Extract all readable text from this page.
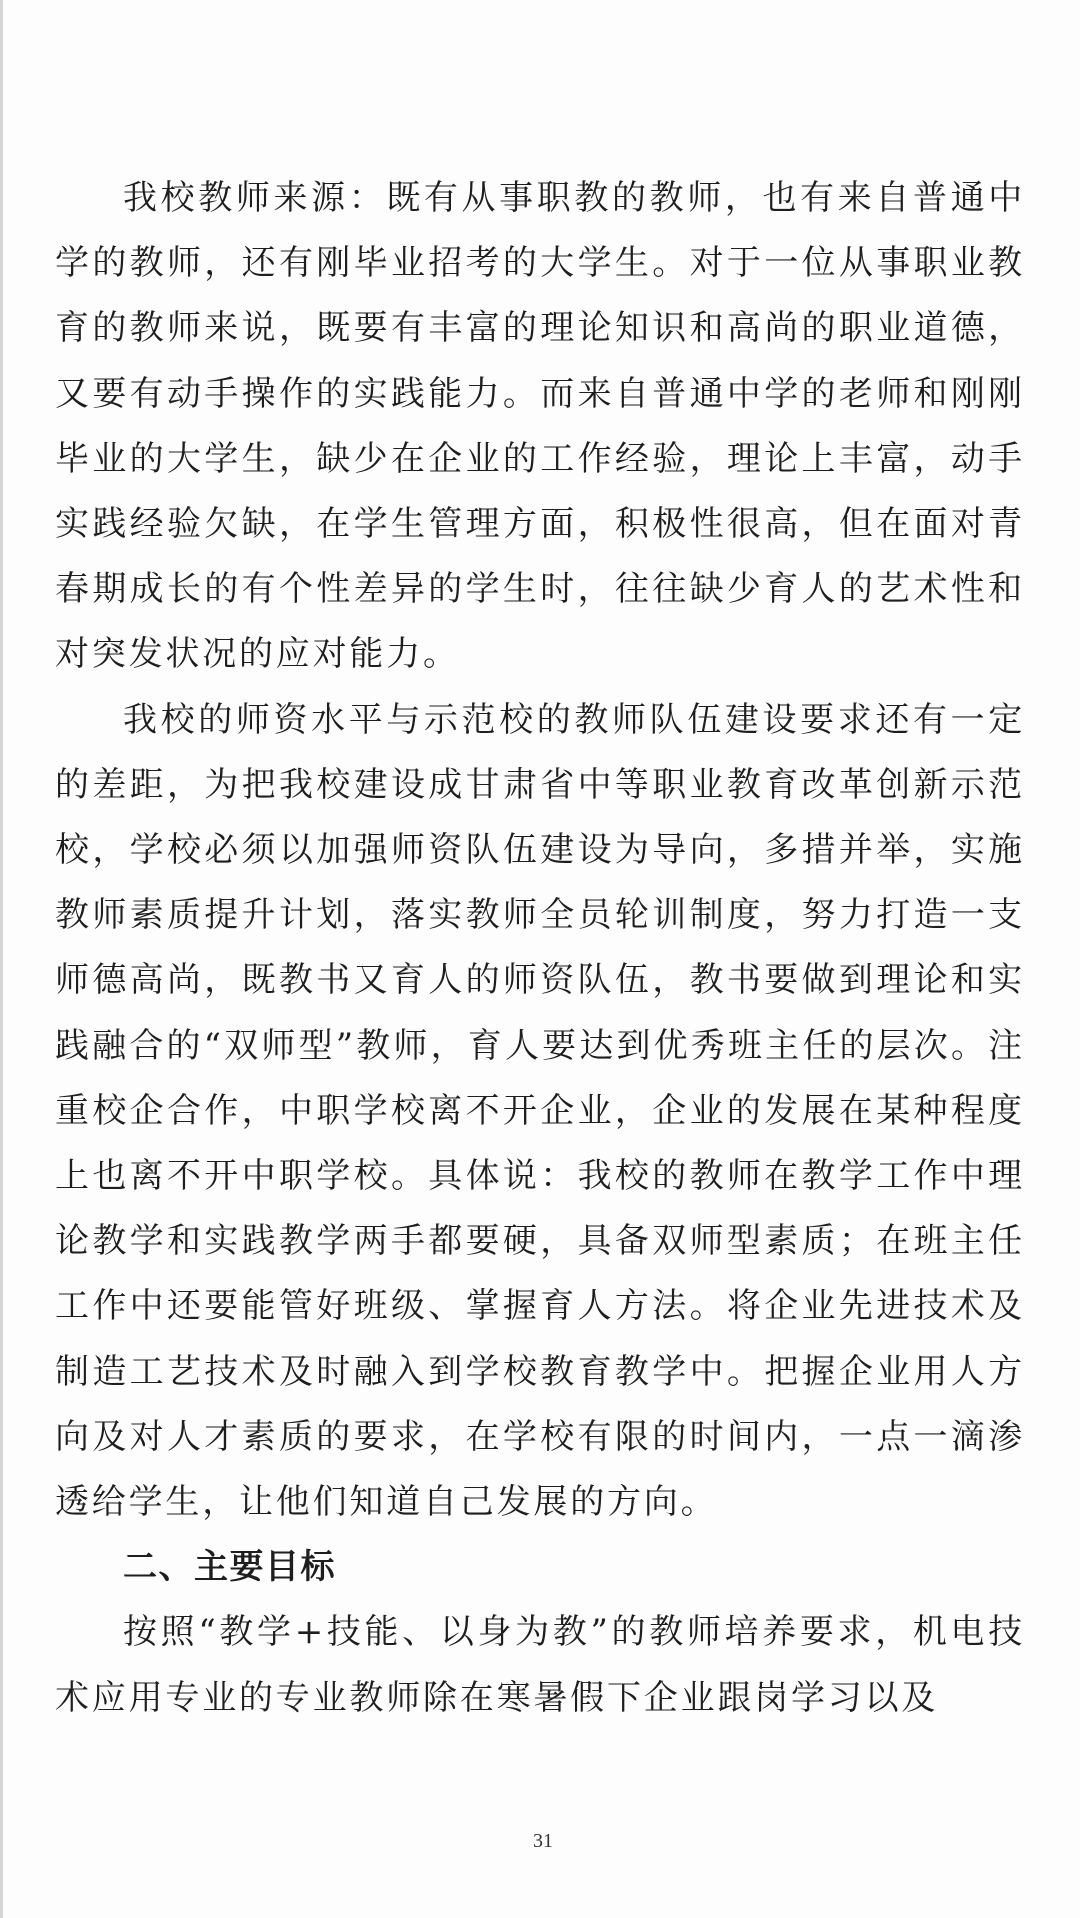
我校教师来源：既有从事职教的教师，也有来自普通中学的教师，还有刚毕业招考的大学生。对于一位从事职业教育的教师来说，既要有丰富的理论知识和高尚的职业道德，又要有动手操作的实践能力。而来自普通中学的老师和刚刚毕业的大学生，缺少在企业的工作经验，理论上丰富，动手实践经验欠缺，在学生管理方面，积极性很高，但在面对青春期成长的有个性差异的学生时，往往缺少育人的艺术性和对突发状况的应对能力。

我校的师资水平与示范校的教师队伍建设要求还有一定的差距，为把我校建设成甘肃省中等职业教育改革创新示范校，学校必须以加强师资队伍建设为导向，多措并举，实施教师素质提升计划，落实教师全员轮训制度，努力打造一支师德高尚，既教书又育人的师资队伍，教书要做到理论和实践融合的“双师型”教师，育人要达到优秀班主任的层次。注重校企合作，中职学校离不开企业，企业的发展在某种程度上也离不开中职学校。具体说：我校的教师在教学工作中理论教学和实践教学两手都要硬，具备双师型素质；在班主任工作中还要能管好班级、掌握育人方法。将企业先进技术及制造工艺技术及时融入到学校教育教学中。把握企业用人方向及对人才素质的要求，在学校有限的时间内，一点一滴渗透给学生，让他们知道自己发展的方向。

二、主要目标

按照“教学+技能、以身为教”的教师培养要求，机电技术应用专业的专业教师除在寒暑假下企业跟岗学习以及

31
